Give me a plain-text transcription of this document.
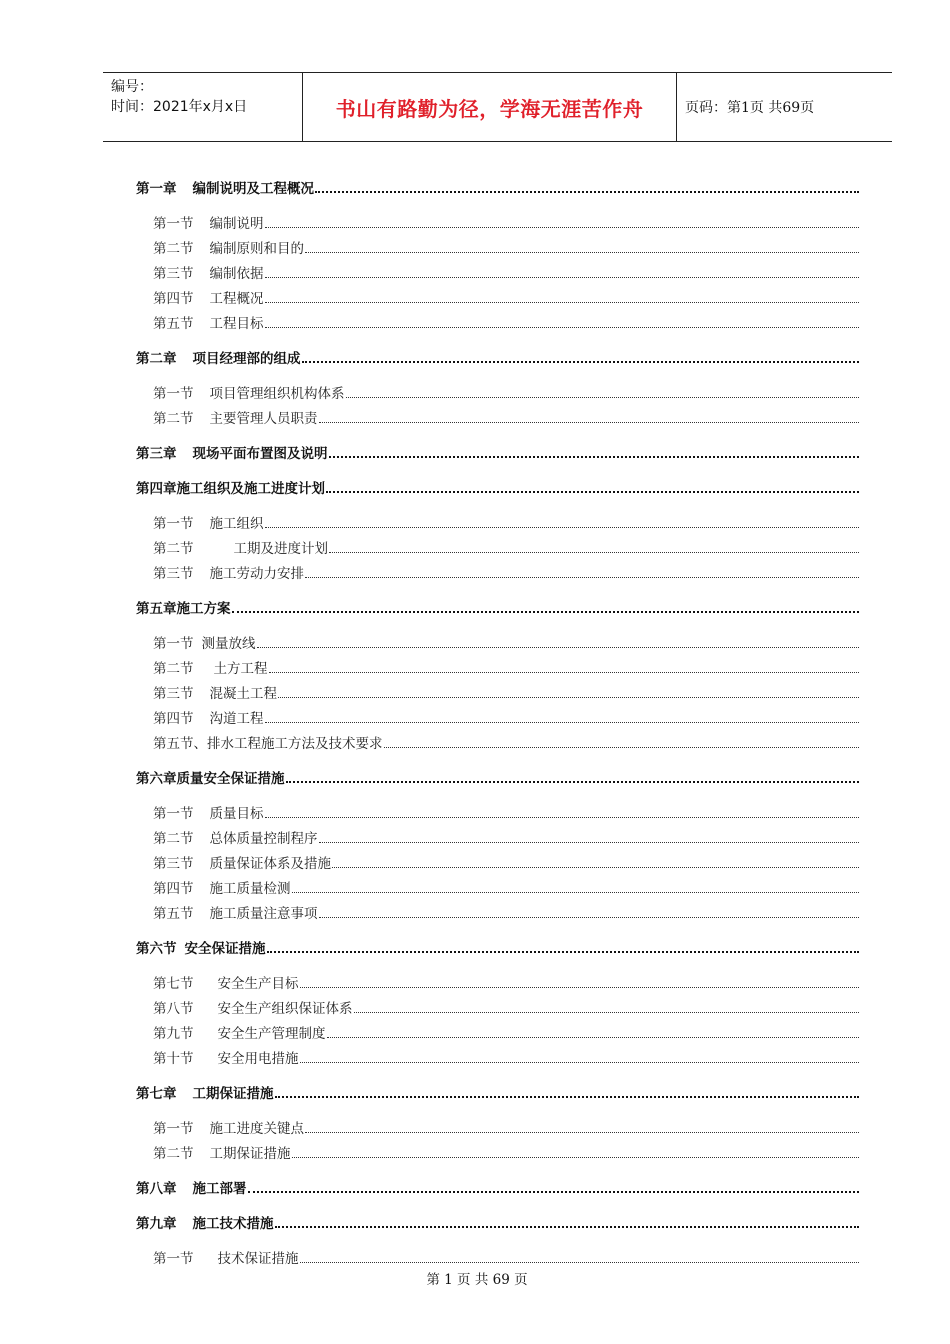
编号：
时间：2021年x月x日	书山有路勤为径，学海无涯苦作舟	页码：第1页 共69页
第一章 编制说明及工程概况
第一节 编制说明
第二节 编制原则和目的
第三节 编制依据
第四节 工程概况
第五节 工程目标
第二章 项目经理部的组成
第一节 项目管理组织机构体系
第二节 主要管理人员职责
第三章 现场平面布置图及说明
第四章施工组织及施工进度计划
第一节 施工组织
第二节	工期及进度计划
第三节 施工劳动力安排
第五章施工方案
第一节 测量放线
第二节 土方工程
第三节 混凝土工程
第四节 沟道工程
第五节、排水工程施工方法及技术要求
第六章质量安全保证措施
第一节 质量目标
第二节 总体质量控制程序
第三节 质量保证体系及措施
第四节 施工质量检测
第五节 施工质量注意事项
第六节 安全保证措施
第七节 安全生产目标
第八节 安全生产组织保证体系
第九节 安全生产管理制度
第十节 安全用电措施
第七章 工期保证措施
第一节 施工进度关键点
第二节 工期保证措施
第八章 施工部署
第九章 施工技术措施
第一节 技术保证措施
第 1 页 共 69 页
